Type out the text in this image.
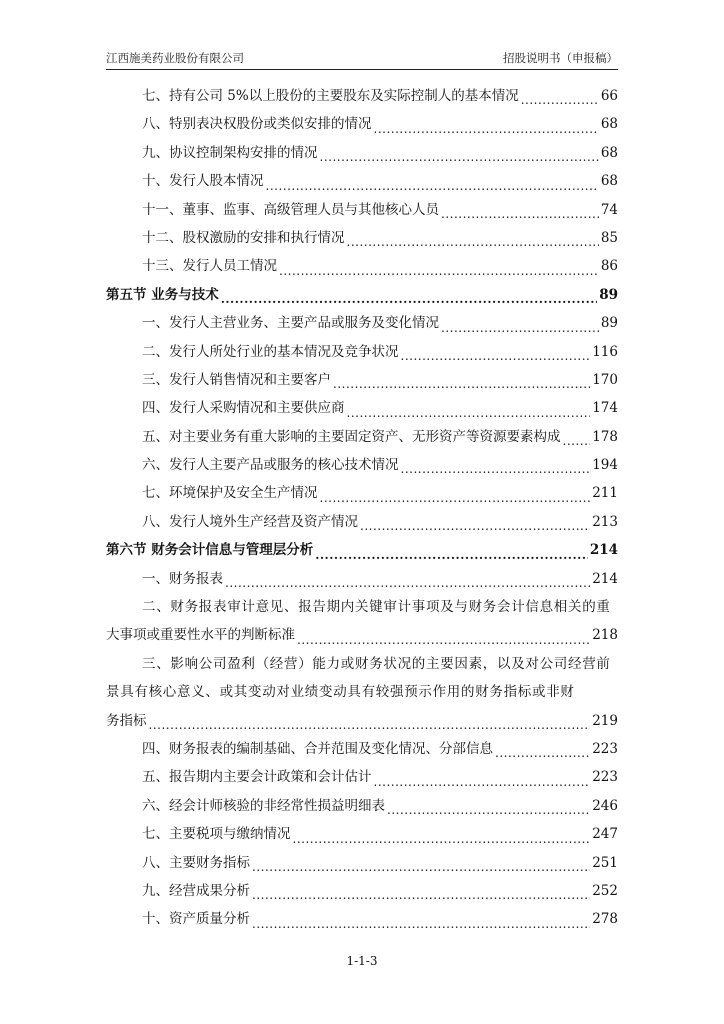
江西施美药业股份有限公司	招股说明书（申报稿）
七、持有公司 5%以上股份的主要股东及实际控制人的基本情况 .....	66
八、特别表决权股份或类似安排的情况 .....	68
九、协议控制架构安排的情况 .....	68
十、发行人股本情况 .....	68
十一、董事、监事、高级管理人员与其他核心人员 .....	74
十二、股权激励的安排和执行情况 .....	85
十三、发行人员工情况 .....	86
第五节 业务与技术 .....	89
一、发行人主营业务、主要产品或服务及变化情况 .....	89
二、发行人所处行业的基本情况及竞争状况 .....	116
三、发行人销售情况和主要客户 .....	170
四、发行人采购情况和主要供应商 .....	174
五、对主要业务有重大影响的主要固定资产、无形资产等资源要素构成 ..... 178
六、发行人主要产品或服务的核心技术情况 .....	194
七、环境保护及安全生产情况 .....	211
八、发行人境外生产经营及资产情况 .....	213
第六节 财务会计信息与管理层分析 .....	214
一、财务报表 .....	214
二、财务报表审计意见、报告期内关键审计事项及与财务会计信息相关的重
大事项或重要性水平的判断标准 .....	218
三、影响公司盈利（经营）能力或财务状况的主要因素，以及对公司经营前
景具有核心意义、或其变动对业绩变动具有较强预示作用的财务指标或非财
务指标 .....	219
四、财务报表的编制基础、合并范围及变化情况、分部信息 .....	223
五、报告期内主要会计政策和会计估计 .....	223
六、经会计师核验的非经常性损益明细表 .....	246
七、主要税项与缴纳情况 .....	247
八、主要财务指标 .....	251
九、经营成果分析 .....	252
十、资产质量分析 .....	278
1-1-3
